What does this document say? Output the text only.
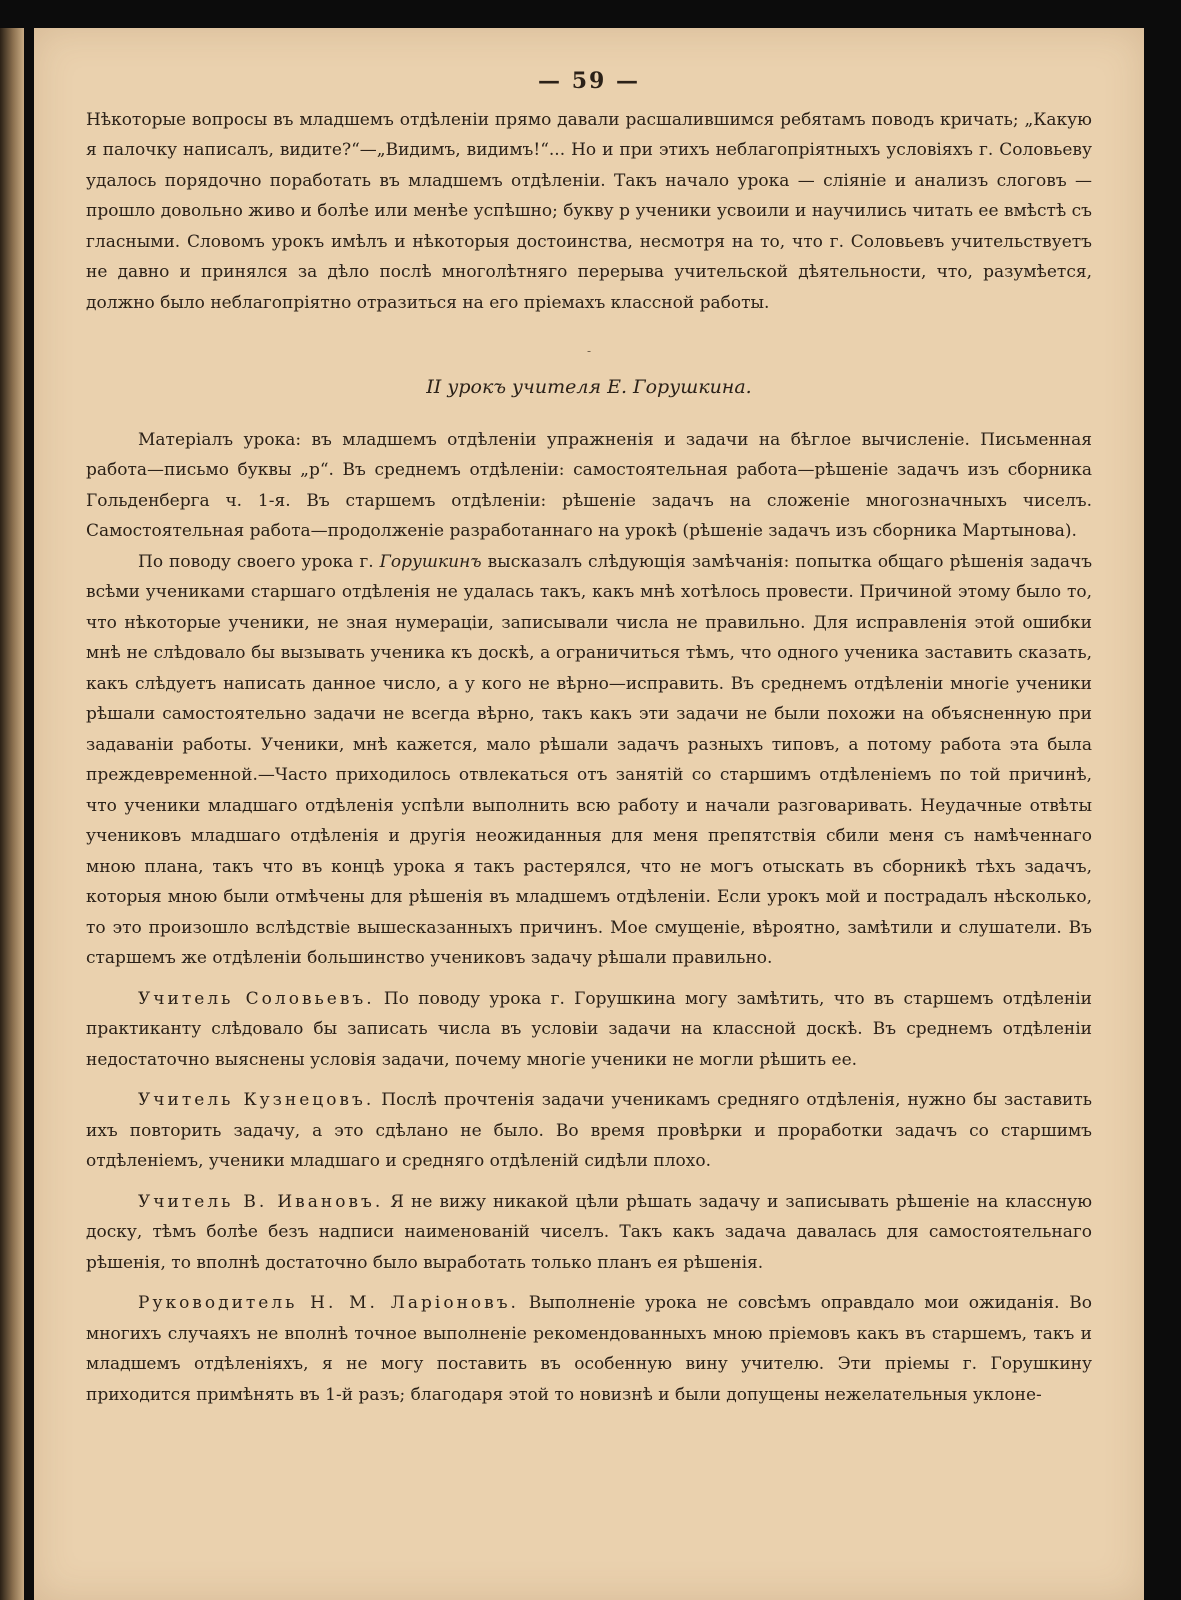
— 59 —

Нѣкоторые вопросы въ младшемъ отдѣленіи прямо давали расшалившимся ребятамъ поводъ кричать; „Какую я палочку написалъ, видите?“—„Видимъ, видимъ!“... Но и при этихъ неблагопріятныхъ условіяхъ г. Соловьеву удалось порядочно поработать въ младшемъ отдѣленіи. Такъ начало урока — сліяніе и анализъ слоговъ — прошло довольно живо и болѣе или менѣе успѣшно; букву р ученики усвоили и научились читать ее вмѣстѣ съ гласными. Словомъ урокъ имѣлъ и нѣкоторыя достоинства, несмотря на то, что г. Соловьевъ учительствуетъ не давно и принялся за дѣло послѣ многолѣтняго перерыва учительской дѣятельности, что, разумѣется, должно было неблагопріятно отразиться на его пріемахъ классной работы.

-
II урокъ учителя Е. Горушкина.

Матеріалъ урока: въ младшемъ отдѣленіи упражненія и задачи на бѣглое вычисленіе. Письменная работа—письмо буквы „р“. Въ среднемъ отдѣленіи: самостоятельная работа—рѣшеніе задачъ изъ сборника Гольденберга ч. 1-я. Въ старшемъ отдѣленіи: рѣшеніе задачъ на сложеніе многозначныхъ чиселъ. Самостоятельная работа—продолженіе разработаннаго на урокѣ (рѣшеніе задачъ изъ сборника Мартынова).

По поводу своего урока г. Горушкинъ высказалъ слѣдующія замѣчанія: попытка общаго рѣшенія задачъ всѣми учениками старшаго отдѣленія не удалась такъ, какъ мнѣ хотѣлось провести. Причиной этому было то, что нѣкоторые ученики, не зная нумераціи, записывали числа не правильно. Для исправленія этой ошибки мнѣ не слѣдовало бы вызывать ученика къ доскѣ, а ограничиться тѣмъ, что одного ученика заставить сказать, какъ слѣдуетъ написать данное число, а у кого не вѣрно—исправить. Въ среднемъ отдѣленіи многіе ученики рѣшали самостоятельно задачи не всегда вѣрно, такъ какъ эти задачи не были похожи на объясненную при задаваніи работы. Ученики, мнѣ кажется, мало рѣшали задачъ разныхъ типовъ, а потому работа эта была преждевременной.—Часто приходилось отвлекаться отъ занятій со старшимъ отдѣленіемъ по той причинѣ, что ученики младшаго отдѣленія успѣли выполнить всю работу и начали разговаривать. Неудачные отвѣты учениковъ младшаго отдѣленія и другія неожиданныя для меня препятствія сбили меня съ намѣченнаго мною плана, такъ что въ концѣ урока я такъ растерялся, что не могъ отыскать въ сборникѣ тѣхъ задачъ, которыя мною были отмѣчены для рѣшенія въ младшемъ отдѣленіи. Если урокъ мой и пострадалъ нѣсколько, то это произошло вслѣдствіе вышесказанныхъ причинъ. Мое смущеніе, вѣроятно, замѣтили и слушатели. Въ старшемъ же отдѣленіи большинство учениковъ задачу рѣшали правильно.

Учитель Соловьевъ. По поводу урока г. Горушкина могу замѣтить, что въ старшемъ отдѣленіи практиканту слѣдовало бы записать числа въ условіи задачи на классной доскѣ. Въ среднемъ отдѣленіи недостаточно выяснены условія задачи, почему многіе ученики не могли рѣшить ее.

Учитель Кузнецовъ. Послѣ прочтенія задачи ученикамъ средняго отдѣленія, нужно бы заставить ихъ повторить задачу, а это сдѣлано не было. Во время провѣрки и проработки задачъ со старшимъ отдѣленіемъ, ученики младшаго и средняго отдѣленій сидѣли плохо.

Учитель В. Ивановъ. Я не вижу никакой цѣли рѣшать задачу и записывать рѣшеніе на классную доску, тѣмъ болѣе безъ надписи наименованій чиселъ. Такъ какъ задача давалась для самостоятельнаго рѣшенія, то вполнѣ достаточно было выработать только планъ ея рѣшенія.

Руководитель Н. М. Ларіоновъ. Выполненіе урока не совсѣмъ оправдало мои ожиданія. Во многихъ случаяхъ не вполнѣ точное выполненіе рекомендованныхъ мною пріемовъ какъ въ старшемъ, такъ и младшемъ отдѣленіяхъ, я не могу поставить въ особенную вину учителю. Эти пріемы г. Горушкину приходится примѣнять въ 1-й разъ; благодаря этой то новизнѣ и были допущены нежелательныя уклоне-
